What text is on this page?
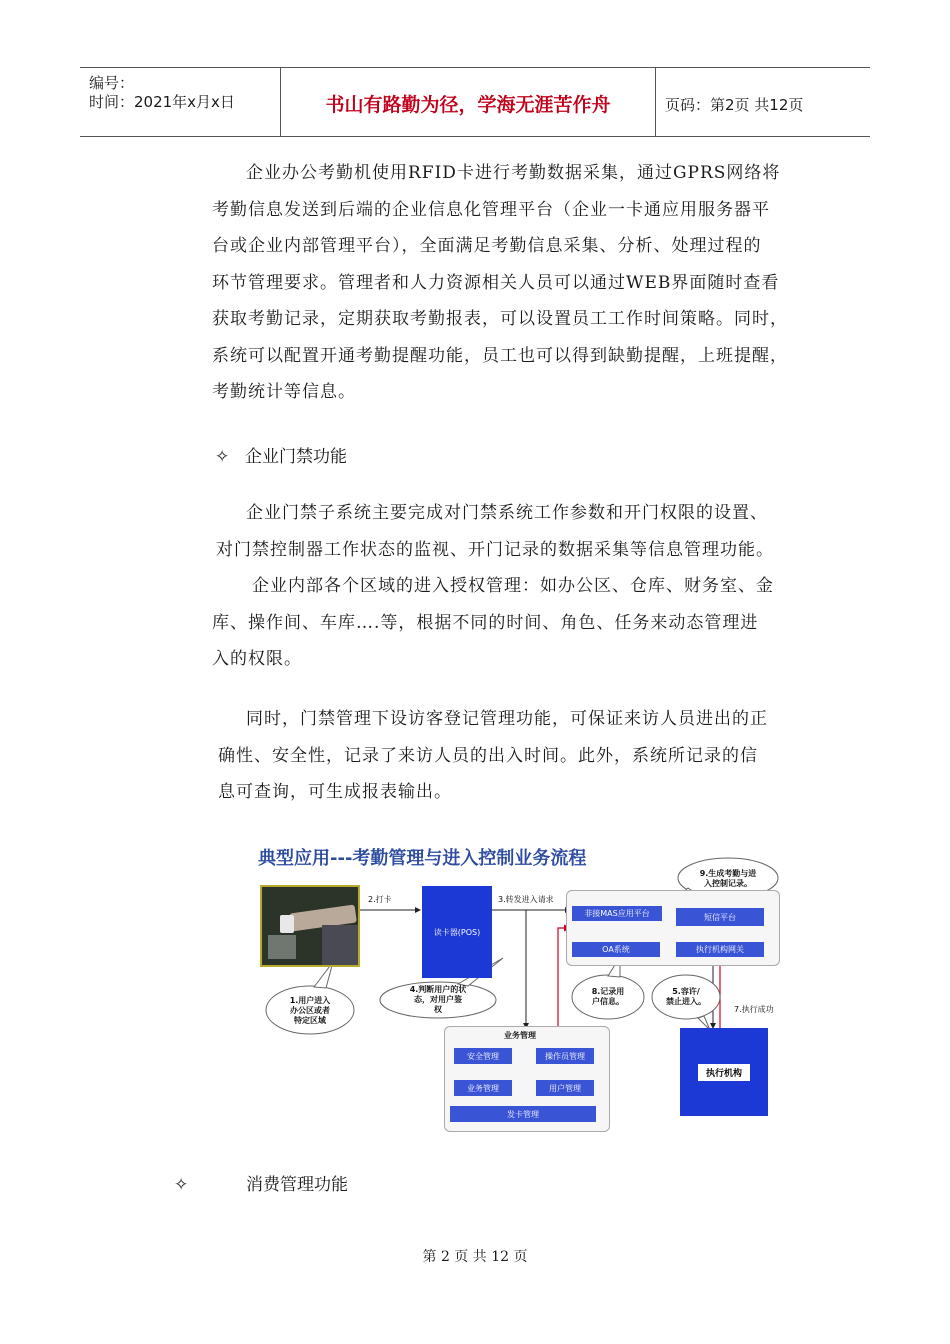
编号：
时间：2021年x月x日	书山有路勤为径，学海无涯苦作舟	页码：第2页 共12页
企业办公考勤机使用RFID卡进行考勤数据采集，通过GPRS网络将
考勤信息发送到后端的企业信息化管理平台（企业一卡通应用服务器平
台或企业内部管理平台），全面满足考勤信息采集、分析、处理过程的
环节管理要求。管理者和人力资源相关人员可以通过WEB界面随时查看
获取考勤记录，定期获取考勤报表，可以设置员工工作时间策略。同时，
系统可以配置开通考勤提醒功能，员工也可以得到缺勤提醒，上班提醒，
考勤统计等信息。
✧ 企业门禁功能
企业门禁子系统主要完成对门禁系统工作参数和开门权限的设置、
对门禁控制器工作状态的监视、开门记录的数据采集等信息管理功能。
企业内部各个区域的进入授权管理：如办公区、仓库、财务室、金
库、操作间、车库….等，根据不同的时间、角色、任务来动态管理进
入的权限。
同时，门禁管理下设访客登记管理功能，可保证来访人员进出的正
确性、安全性，记录了来访人员的出入时间。此外，系统所记录的信
息可查询，可生成报表输出。
典型应用---考勤管理与进入控制业务流程
2.打卡	3.转发进入请求
读卡器(POS)
非接MAS应用平台	短信平台
OA系统	执行机构网关
9.生成考勤与进
入控制记录。
1.用户进入
办公区或者
特定区域
4.判断用户的状
态，对用户鉴
权
8.记录用
户信息。
5.容许/
禁止进入。
7.执行成功
业务管理
安全管理	操作员管理
业务管理	用户管理
发卡管理
执行机构
✧	消费管理功能
第 2 页 共 12 页
